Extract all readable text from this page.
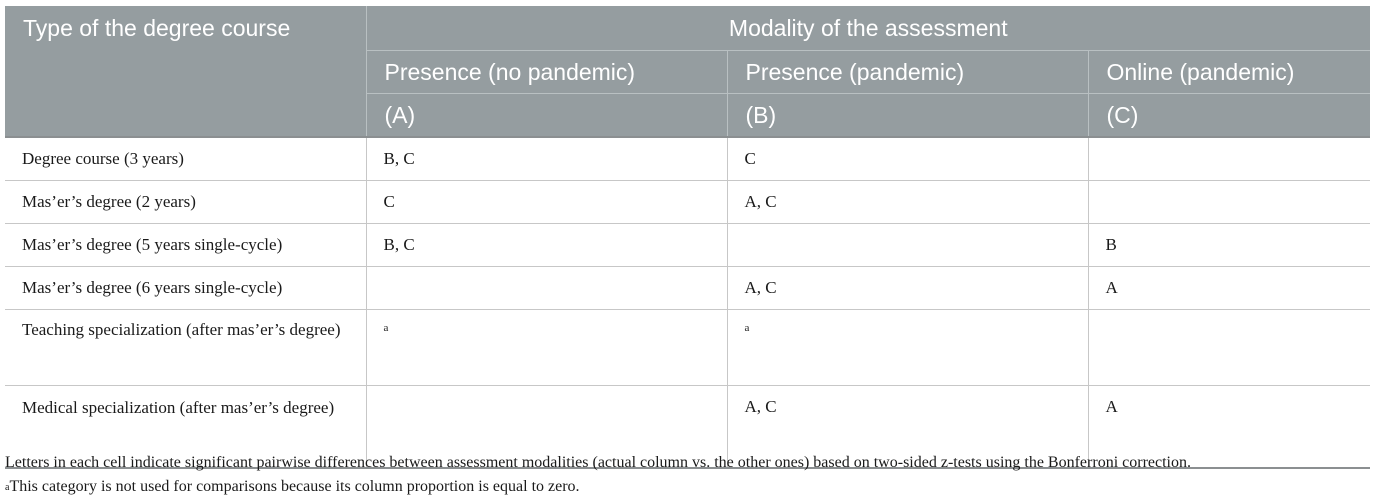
Type of the degree course	Modality of the assessment		
	Presence (no pandemic)	Presence (pandemic)	Online (pandemic)
	(A)	(B)	(C)
Degree course (3 years)	B, C	C	
Mas’er’s degree (2 years)	C	A, C	
Mas’er’s degree (5 years single-cycle)	B, C		B
Mas’er’s degree (6 years single-cycle)		A, C	A
Teaching specialization (after mas’er’s degree)	$^a$	$^a$	
Medical specialization (after mas’er’s degree)		A, C	A

Letters in each cell indicate significant pairwise differences between assessment modalities (actual column vs. the other ones) based on two-sided z-tests using the Bonferroni correction.

$^a$This category is not used for comparisons because its column proportion is equal to zero.
